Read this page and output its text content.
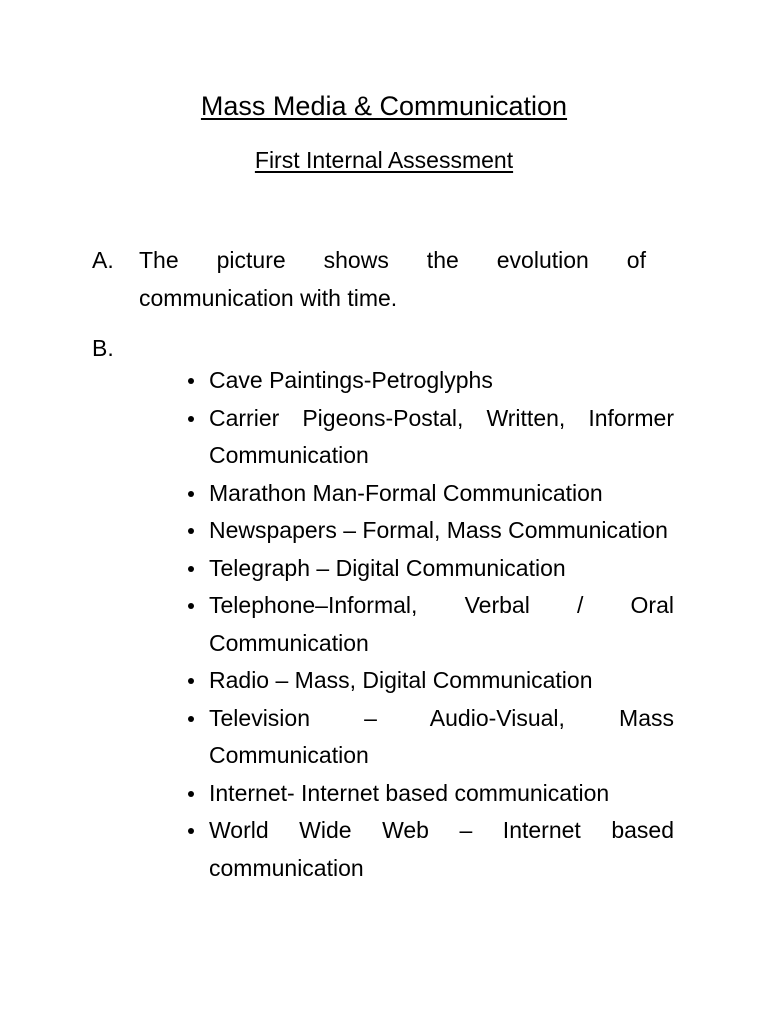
Mass Media & Communication
First Internal Assessment
A. The picture shows the evolution of communication with time.
B.
Cave Paintings-Petroglyphs
Carrier Pigeons-Postal, Written, Informer Communication
Marathon Man-Formal Communication
Newspapers – Formal, Mass Communication
Telegraph – Digital Communication
Telephone–Informal, Verbal / Oral Communication
Radio – Mass, Digital Communication
Television – Audio-Visual, Mass Communication
Internet- Internet based communication
World Wide Web – Internet based communication
